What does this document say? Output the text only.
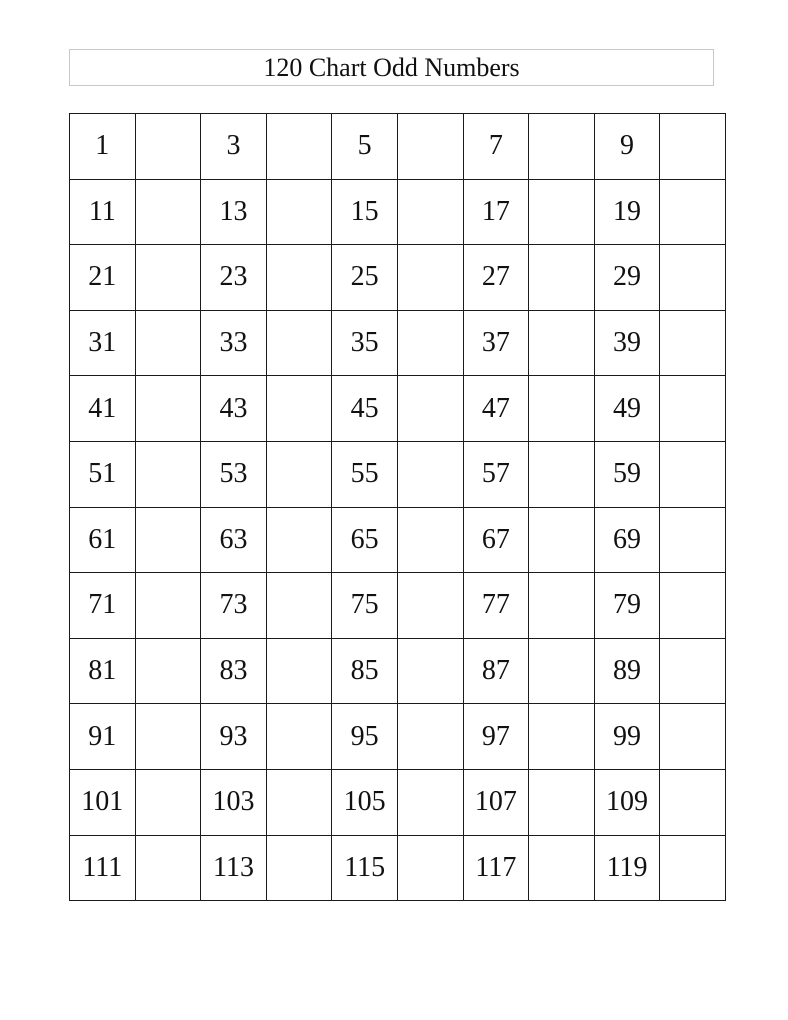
120 Chart Odd Numbers
1		3		5		7		9	
11		13		15		17		19	
21		23		25		27		29	
31		33		35		37		39	
41		43		45		47		49	
51		53		55		57		59	
61		63		65		67		69	
71		73		75		77		79	
81		83		85		87		89	
91		93		95		97		99	
101		103		105		107		109	
111		113		115		117		119	
